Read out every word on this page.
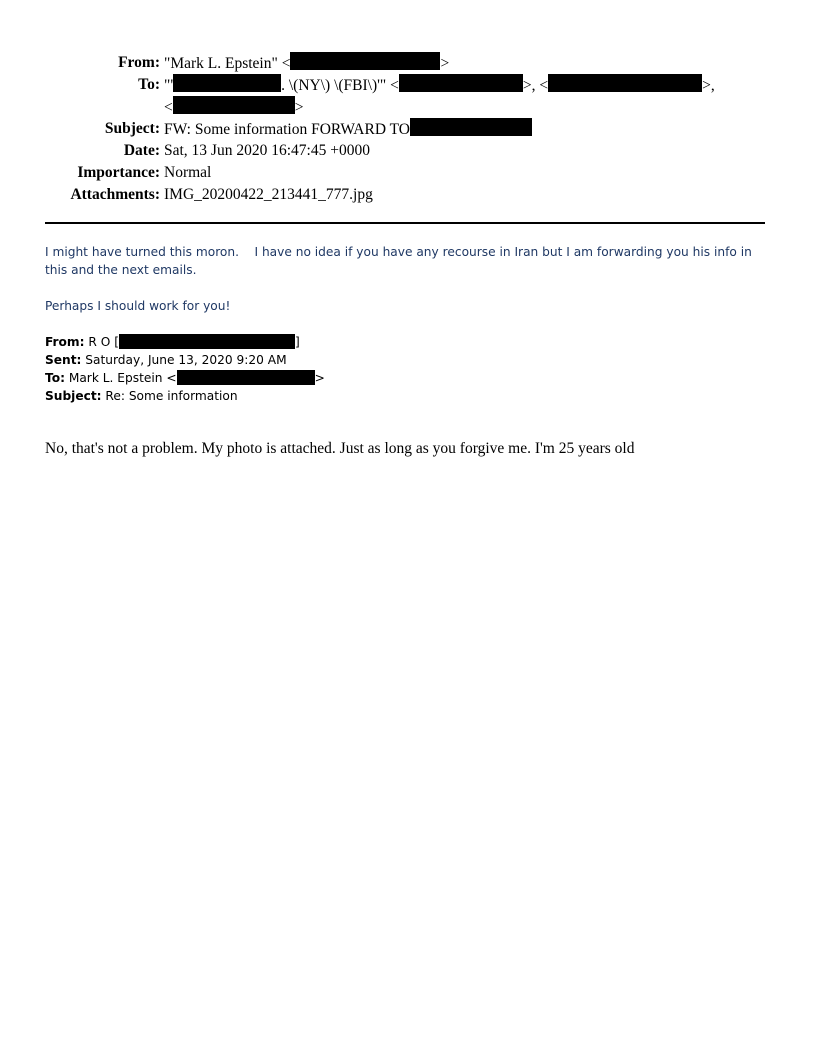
From: "Mark L. Epstein" <	>
To: "'	. \(NY\) \(FBI\)'" <	>, <	>,
<	>
Subject: FW: Some information FORWARD TO
Date: Sat, 13 Jun 2020 16:47:45 +0000
Importance: Normal
Attachments: IMG_20200422_213441_777.jpg
I might have turned this moron.    I have no idea if you have any recourse in Iran but I am forwarding you his info in this and the next emails.
Perhaps I should work for you!
From: R O [	]
Sent: Saturday, June 13, 2020 9:20 AM
To: Mark L. Epstein <	>
Subject: Re: Some information
No, that's not a problem. My photo is attached. Just as long as you forgive me. I'm 25 years old
